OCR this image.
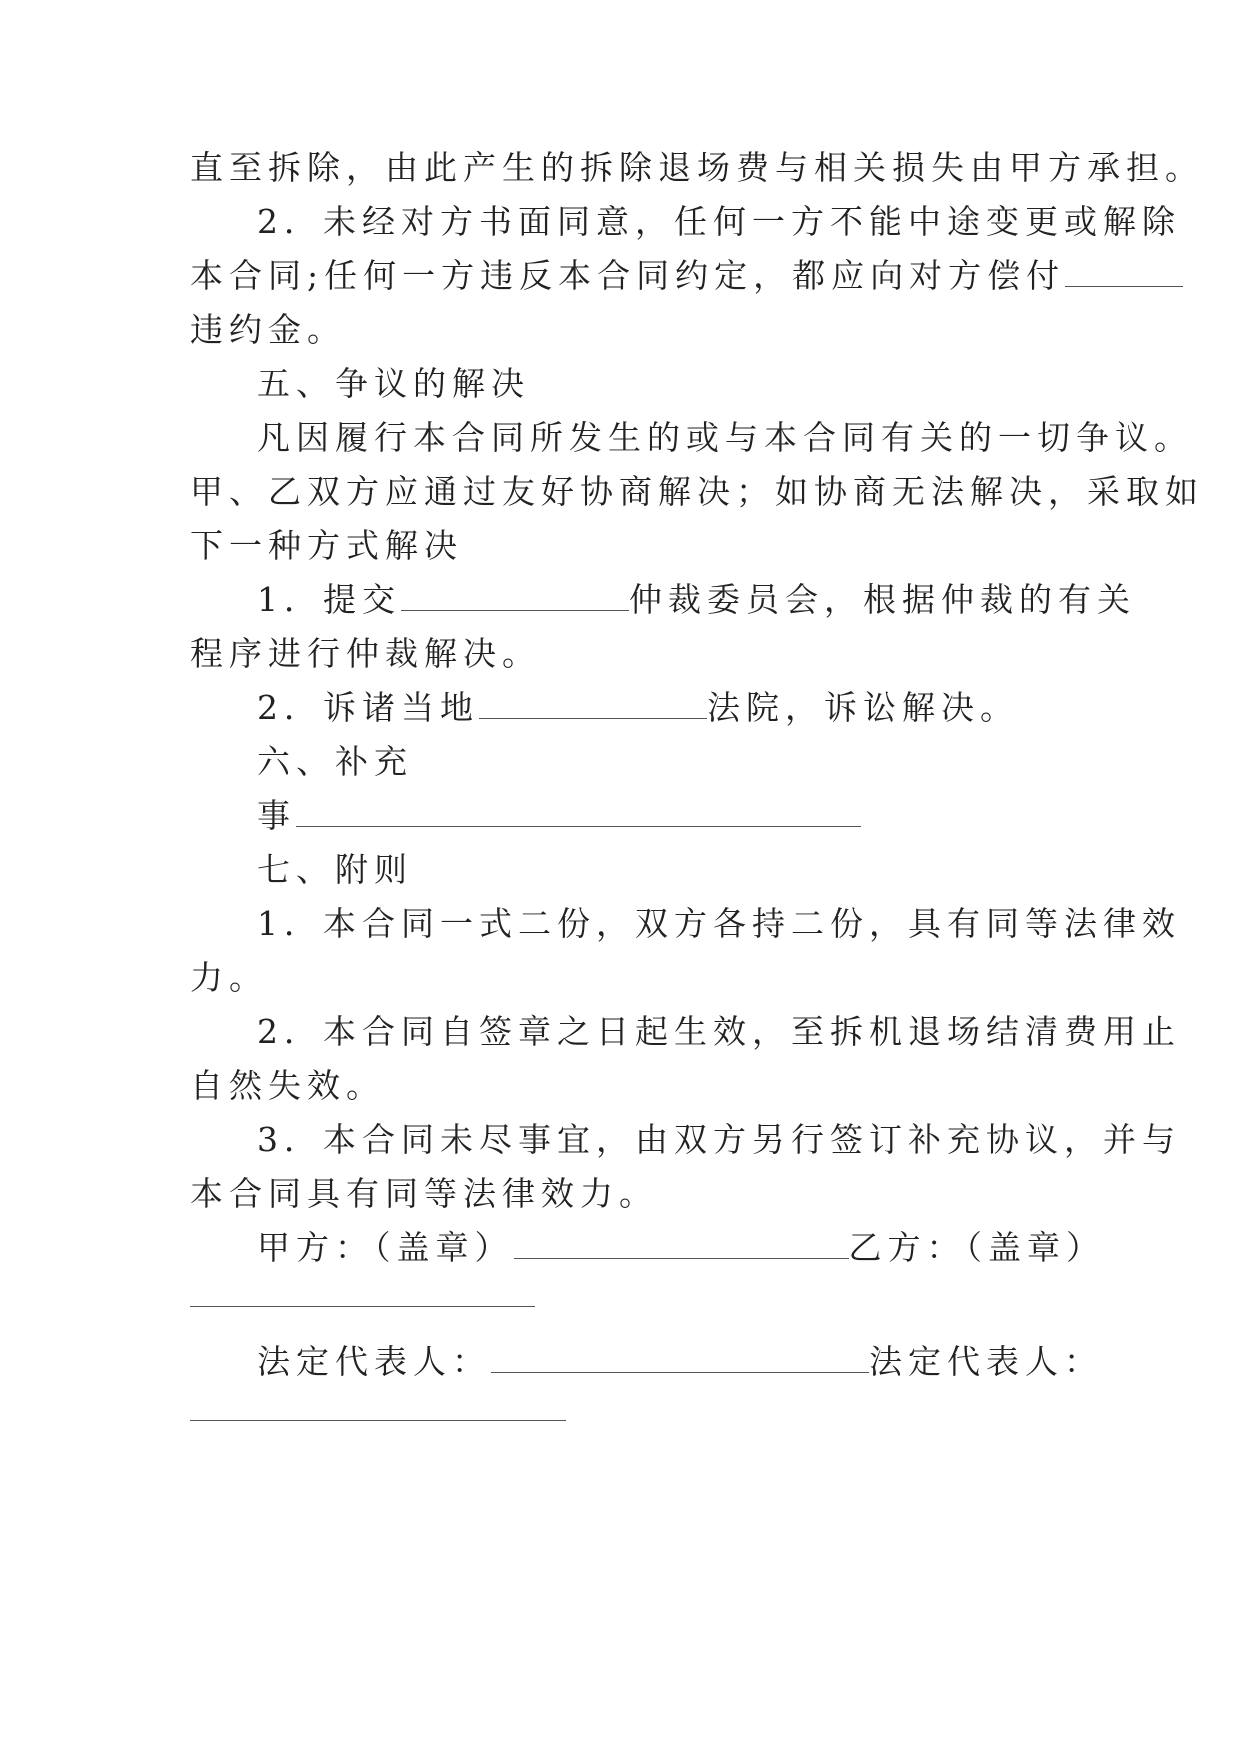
直至拆除，由此产生的拆除退场费与相关损失由甲方承担。
2．未经对方书面同意，任何一方不能中途变更或解除
本合同;任何一方违反本合同约定，都应向对方偿付
违约金。
五、争议的解决
凡因履行本合同所发生的或与本合同有关的一切争议。
甲、乙双方应通过友好协商解决；如协商无法解决，采取如
下一种方式解决
1．提交	仲裁委员会，根据仲裁的有关
程序进行仲裁解决。
2．诉诸当地	法院，诉讼解决。
六、补充
事
七、附则
1．本合同一式二份，双方各持二份，具有同等法律效
力。
2．本合同自签章之日起生效，至拆机退场结清费用止
自然失效。
3．本合同未尽事宜，由双方另行签订补充协议，并与
本合同具有同等法律效力。
甲方：（盖章）	乙方：（盖章）
法定代表人：	法定代表人：
